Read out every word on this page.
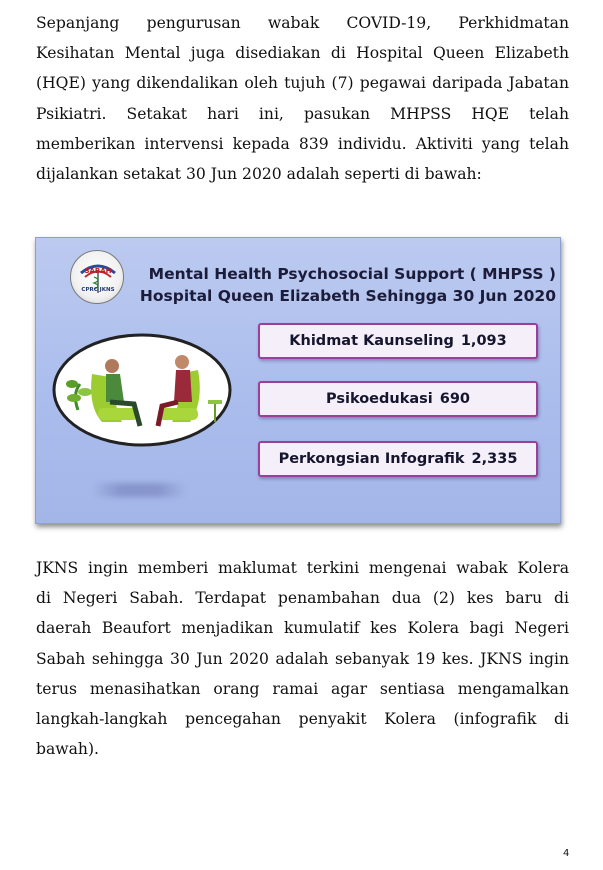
Sepanjang pengurusan wabak COVID-19, Perkhidmatan
Kesihatan Mental juga disediakan di Hospital Queen Elizabeth
(HQE) yang dikendalikan oleh tujuh (7) pegawai daripada Jabatan
Psikiatri. Setakat hari ini, pasukan MHPSS HQE telah
memberikan intervensi kepada 839 individu. Aktiviti yang telah
dijalankan setakat 30 Jun 2020 adalah seperti di bawah:
SABAH
CPRC JKNS
Mental Health Psychosocial Support ( MHPSS )
Hospital Queen Elizabeth Sehingga 30 Jun 2020
Khidmat Kaunseling 1,093
Psikoedukasi 690
Perkongsian Infografik 2,335
JKNS ingin memberi maklumat terkini mengenai wabak Kolera
di Negeri Sabah. Terdapat penambahan dua (2) kes baru di
daerah Beaufort menjadikan kumulatif kes Kolera bagi Negeri
Sabah sehingga 30 Jun 2020 adalah sebanyak 19 kes. JKNS ingin
terus menasihatkan orang ramai agar sentiasa mengamalkan
langkah-langkah pencegahan penyakit Kolera (infografik di
bawah).
4
